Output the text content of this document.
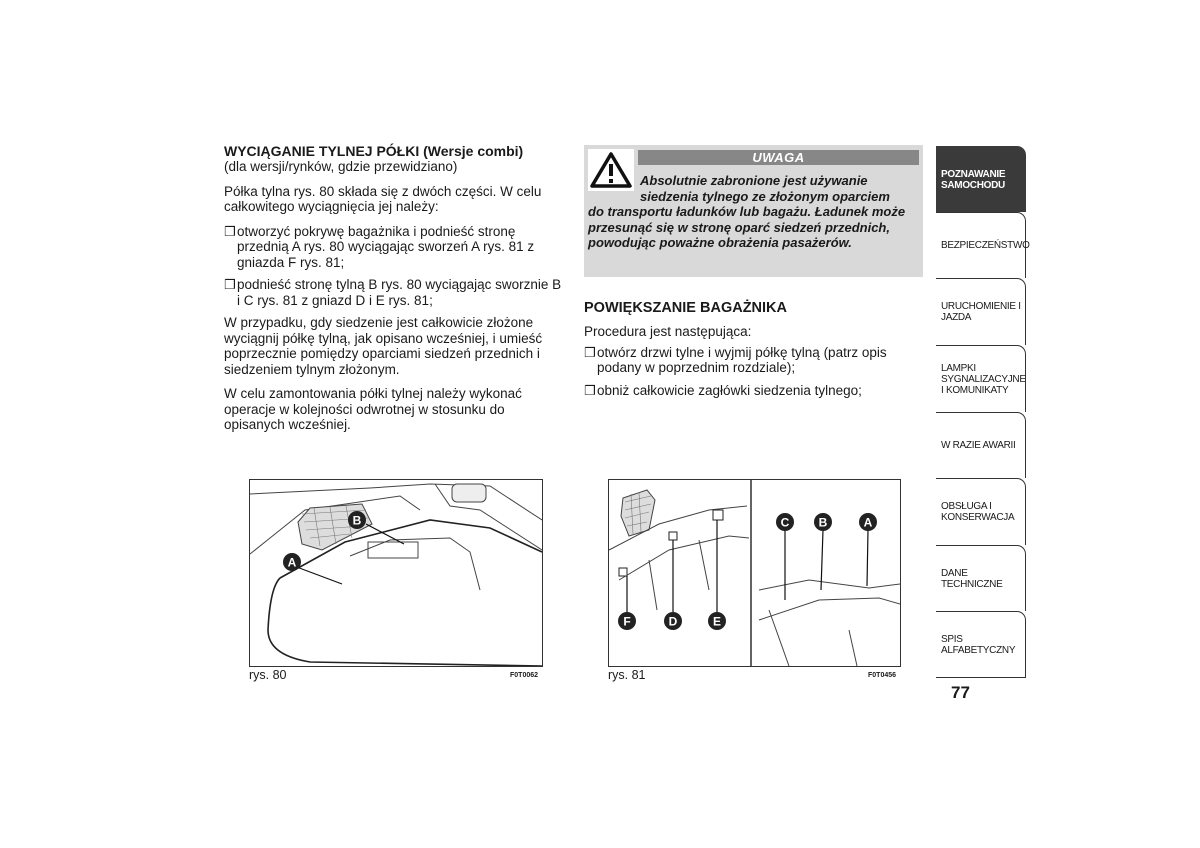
WYCIĄGANIE TYLNEJ PÓŁKI (Wersje combi)
(dla wersji/rynków, gdzie przewidziano)

Półka tylna rys. 80 składa się z dwóch części. W celu całkowitego wyciągnięcia jej należy:

❒ otworzyć pokrywę bagażnika i podnieść stronę przednią A rys. 80 wyciągając sworzeń A rys. 81 z gniazda F rys. 81;
❒ podnieść stronę tylną B rys. 80 wyciągając sworznie B i C rys. 81 z gniazd D i E rys. 81;

W przypadku, gdy siedzenie jest całkowicie złożone wyciągnij półkę tylną, jak opisano wcześniej, i umieść poprzecznie pomiędzy oparciami siedzeń przednich i siedzeniem tylnym złożonym.

W celu zamontowania półki tylnej należy wykonać operacje w kolejności odwrotnej w stosunku do opisanych wcześniej.

UWAGA
Absolutnie zabronione jest używanie
siedzenia tylnego ze złożonym oparciem
do transportu ładunków lub bagażu. Ładunek może przesunąć się w stronę oparć siedzeń przednich, powodując poważne obrażenia pasażerów.
POWIĘKSZANIE BAGAŻNIKA

Procedura jest następująca:

❒ otwórz drzwi tylne i wyjmij półkę tylną (patrz opis podany w poprzednim rozdziale);
❒ obniż całkowicie zagłówki siedzenia tylnego;
A
B
rys. 80	F0T0062
C B	A
F	D	E
rys. 81	F0T0456
POZNAWANIE SAMOCHODU
BEZPIECZEŃSTWO
URUCHOMIENIE I JAZDA
LAMPKI SYGNALIZACYJNE I KOMUNIKATY
W RAZIE AWARII
OBSŁUGA I KONSERWACJA
DANE TECHNICZNE
SPIS ALFABETYCZNY
77
